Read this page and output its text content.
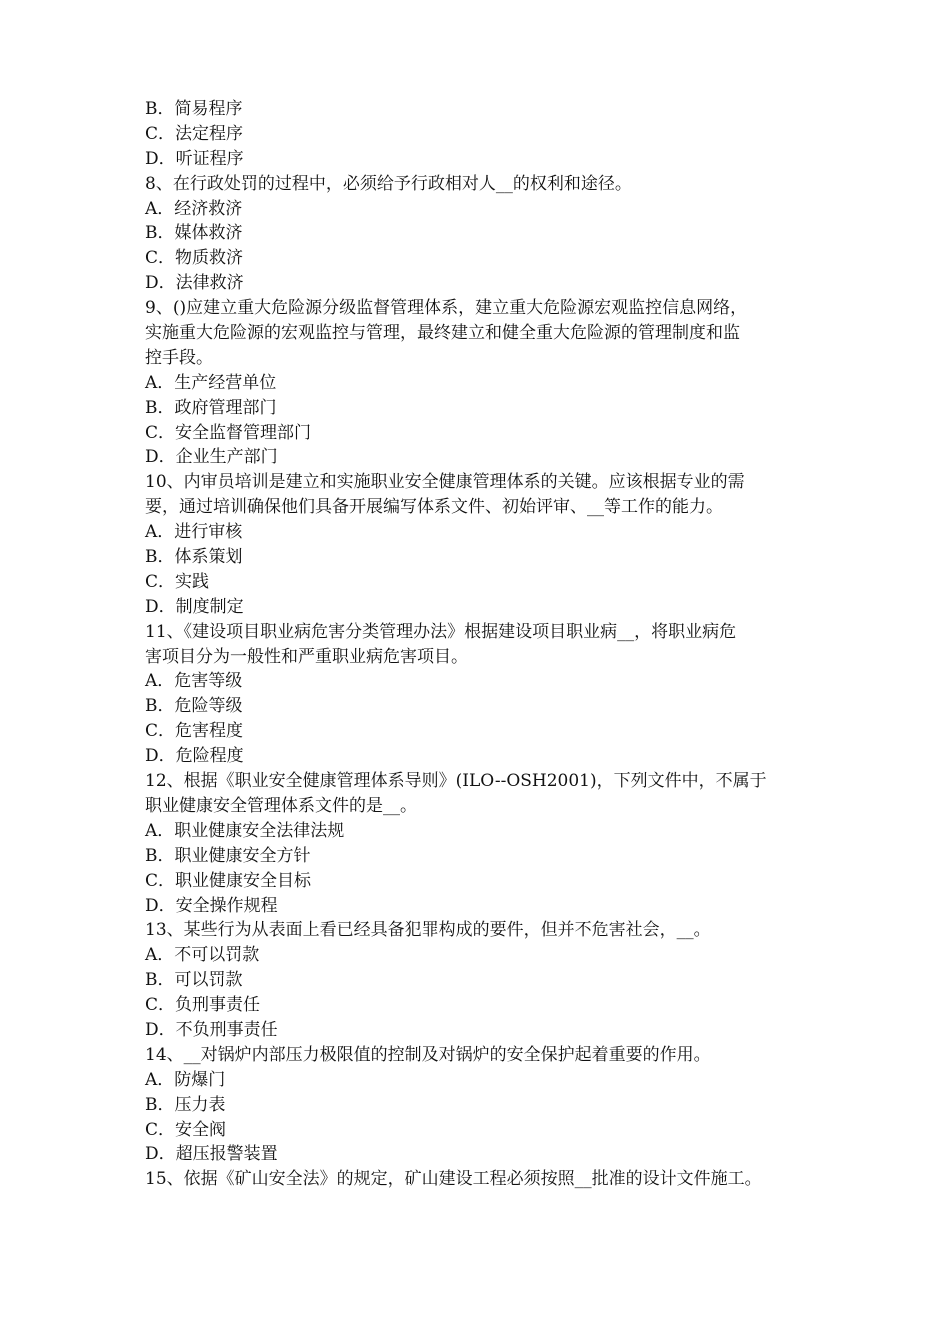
B．简易程序
C．法定程序
D．听证程序
8、在行政处罚的过程中，必须给予行政相对人__的权利和途径。
A．经济救济
B．媒体救济
C．物质救济
D．法律救济
9、()应建立重大危险源分级监督管理体系，建立重大危险源宏观监控信息网络，
实施重大危险源的宏观监控与管理，最终建立和健全重大危险源的管理制度和监
控手段。
A．生产经营单位
B．政府管理部门
C．安全监督管理部门
D．企业生产部门
10、内审员培训是建立和实施职业安全健康管理体系的关键。应该根据专业的需
要，通过培训确保他们具备开展编写体系文件、初始评审、__等工作的能力。
A．进行审核
B．体系策划
C．实践
D．制度制定
11、《建设项目职业病危害分类管理办法》根据建设项目职业病__，将职业病危
害项目分为一般性和严重职业病危害项目。
A．危害等级
B．危险等级
C．危害程度
D．危险程度
12、根据《职业安全健康管理体系导则》(ILO--OSH2001)，下列文件中，不属于
职业健康安全管理体系文件的是__。
A．职业健康安全法律法规
B．职业健康安全方针
C．职业健康安全目标
D．安全操作规程
13、某些行为从表面上看已经具备犯罪构成的要件，但并不危害社会，__。
A．不可以罚款
B．可以罚款
C．负刑事责任
D．不负刑事责任
14、__对锅炉内部压力极限值的控制及对锅炉的安全保护起着重要的作用。
A．防爆门
B．压力表
C．安全阀
D．超压报警装置
15、依据《矿山安全法》的规定，矿山建设工程必须按照__批准的设计文件施工。
